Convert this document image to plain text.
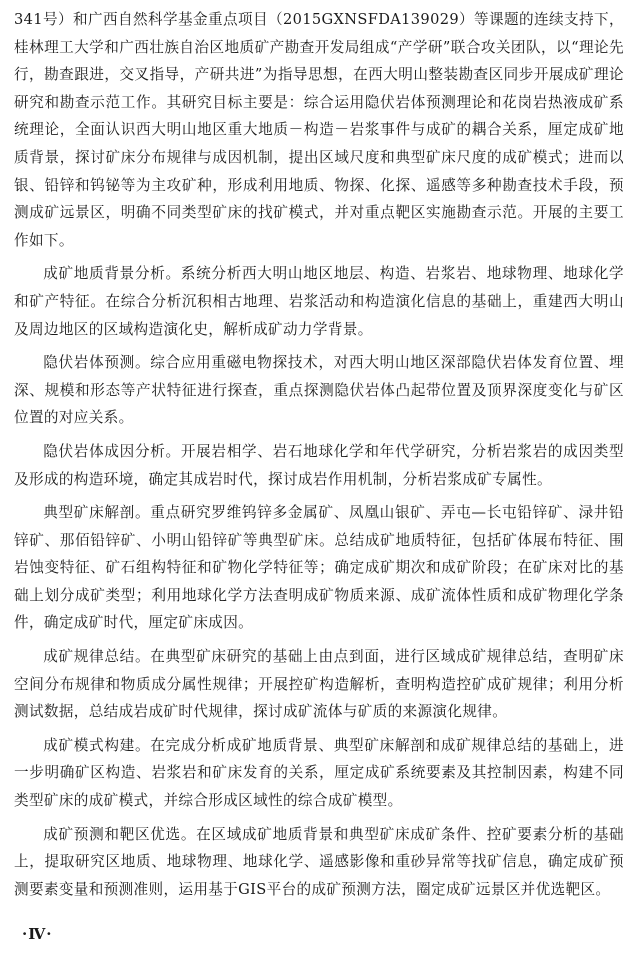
341号）和广西自然科学基金重点项目（2015GXNSFDA139029）等课题的连续支持下，桂林理工大学和广西壮族自治区地质矿产勘查开发局组成“产学研”联合攻关团队，以“理论先行，勘查跟进，交叉指导，产研共进”为指导思想，在西大明山整装勘查区同步开展成矿理论研究和勘查示范工作。其研究目标主要是：综合运用隐伏岩体预测理论和花岗岩热液成矿系统理论，全面认识西大明山地区重大地质－构造－岩浆事件与成矿的耦合关系，厘定成矿地质背景，探讨矿床分布规律与成因机制，提出区域尺度和典型矿床尺度的成矿模式；进而以银、铅锌和钨铋等为主攻矿种，形成利用地质、物探、化探、遥感等多种勘查技术手段，预测成矿远景区，明确不同类型矿床的找矿模式，并对重点靶区实施勘查示范。开展的主要工作如下。

成矿地质背景分析。系统分析西大明山地区地层、构造、岩浆岩、地球物理、地球化学和矿产特征。在综合分析沉积相古地理、岩浆活动和构造演化信息的基础上，重建西大明山及周边地区的区域构造演化史，解析成矿动力学背景。

隐伏岩体预测。综合应用重磁电物探技术，对西大明山地区深部隐伏岩体发育位置、埋深、规模和形态等产状特征进行探查，重点探测隐伏岩体凸起带位置及顶界深度变化与矿区位置的对应关系。

隐伏岩体成因分析。开展岩相学、岩石地球化学和年代学研究，分析岩浆岩的成因类型及形成的构造环境，确定其成岩时代，探讨成岩作用机制，分析岩浆成矿专属性。

典型矿床解剖。重点研究罗维钨锌多金属矿、凤凰山银矿、弄屯—长屯铅锌矿、渌井铅锌矿、那佰铅锌矿、小明山铅锌矿等典型矿床。总结成矿地质特征，包括矿体展布特征、围岩蚀变特征、矿石组构特征和矿物化学特征等；确定成矿期次和成矿阶段；在矿床对比的基础上划分成矿类型；利用地球化学方法查明成矿物质来源、成矿流体性质和成矿物理化学条件，确定成矿时代，厘定矿床成因。

成矿规律总结。在典型矿床研究的基础上由点到面，进行区域成矿规律总结，查明矿床空间分布规律和物质成分属性规律；开展控矿构造解析，查明构造控矿成矿规律；利用分析测试数据，总结成岩成矿时代规律，探讨成矿流体与矿质的来源演化规律。

成矿模式构建。在完成分析成矿地质背景、典型矿床解剖和成矿规律总结的基础上，进一步明确矿区构造、岩浆岩和矿床发育的关系，厘定成矿系统要素及其控制因素，构建不同类型矿床的成矿模式，并综合形成区域性的综合成矿模型。

成矿预测和靶区优选。在区域成矿地质背景和典型矿床成矿条件、控矿要素分析的基础上，提取研究区地质、地球物理、地球化学、遥感影像和重砂异常等找矿信息，确定成矿预测要素变量和预测准则，运用基于GIS平台的成矿预测方法，圈定成矿远景区并优选靶区。

·Ⅳ·
